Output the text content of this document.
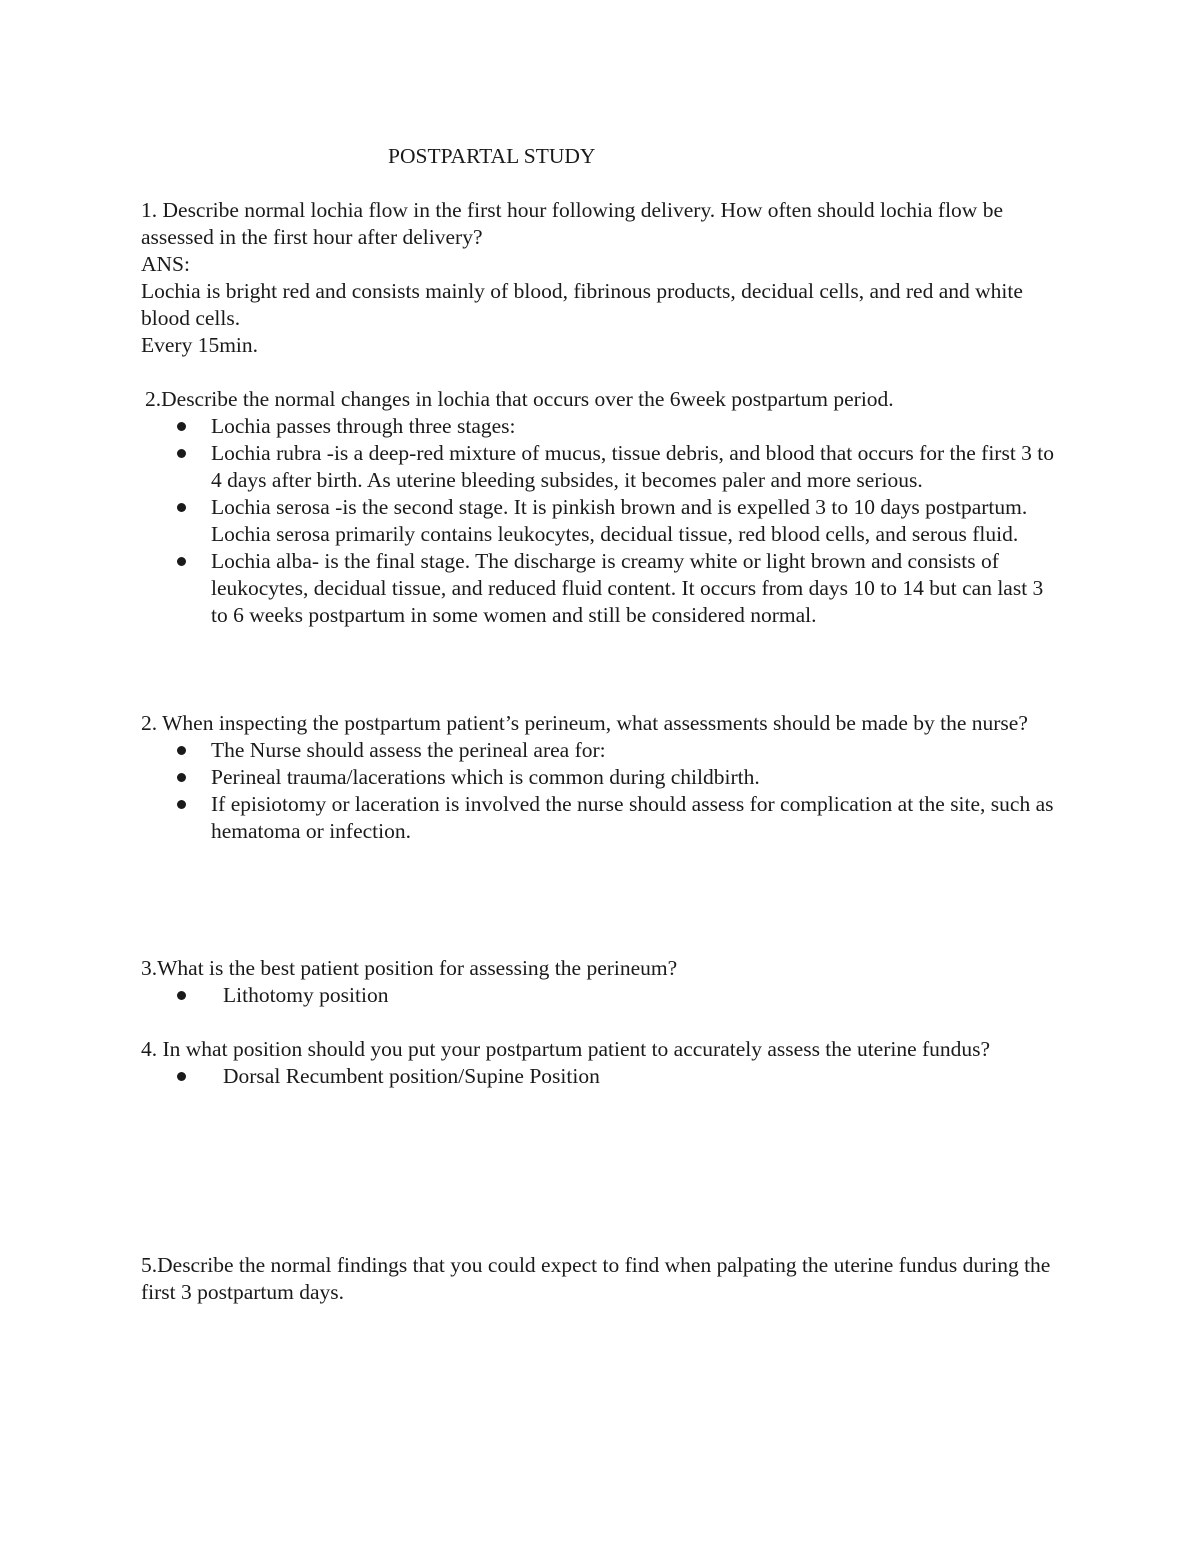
POSTPARTAL STUDY

1. Describe normal lochia flow in the first hour following delivery. How often should lochia flow be assessed in the first hour after delivery?

ANS:

Lochia is bright red and consists mainly of blood, fibrinous products, decidual cells, and red and white blood cells.

Every 15min.

2.Describe the normal changes in lochia that occurs over the 6week postpartum period.

Lochia passes through three stages:
Lochia rubra -is a deep-red mixture of mucus, tissue debris, and blood that occurs for the first 3 to 4 days after birth. As uterine bleeding subsides, it becomes paler and more serious.
Lochia serosa -is the second stage. It is pinkish brown and is expelled 3 to 10 days postpartum. Lochia serosa primarily contains leukocytes, decidual tissue, red blood cells, and serous fluid.
Lochia alba- is the final stage. The discharge is creamy white or light brown and consists of leukocytes, decidual tissue, and reduced fluid content. It occurs from days 10 to 14 but can last 3 to 6 weeks postpartum in some women and still be considered normal.

2. When inspecting the postpartum patient’s perineum, what assessments should be made by the nurse?

The Nurse should assess the perineal area for:
Perineal trauma/lacerations which is common during childbirth.
If episiotomy or laceration is involved the nurse should assess for complication at the site, such as hematoma or infection.

3.What is the best patient position for assessing the perineum?

Lithotomy position

4. In what position should you put your postpartum patient to accurately assess the uterine fundus?

Dorsal Recumbent position/Supine Position

5.Describe the normal findings that you could expect to find when palpating the uterine fundus during the first 3 postpartum days.
